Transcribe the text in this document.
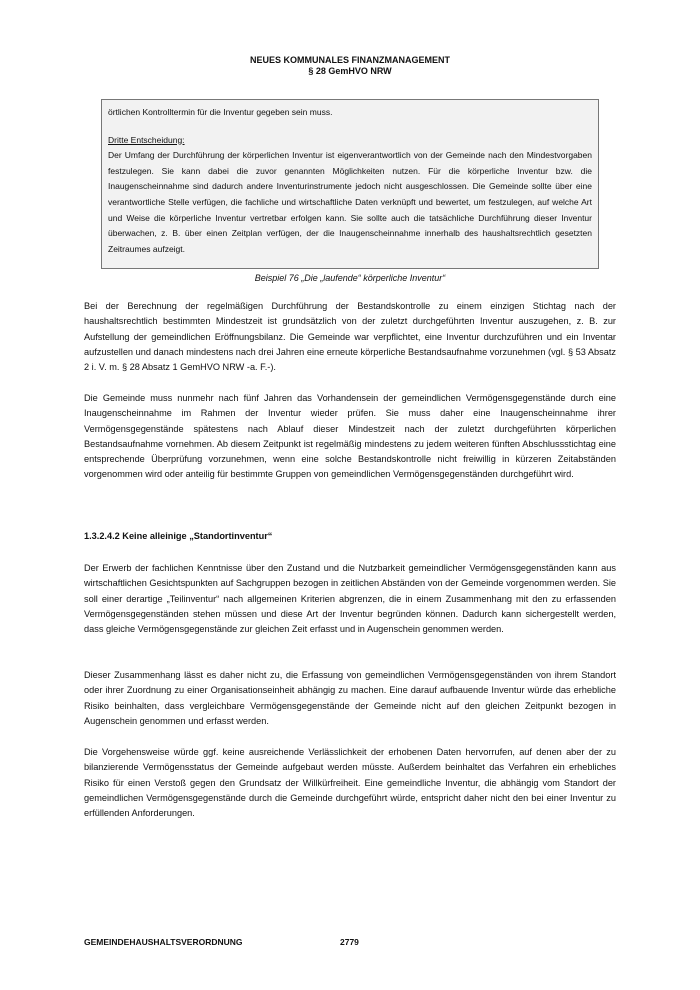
NEUES KOMMUNALES FINANZMANAGEMENT
§ 28 GemHVO NRW

örtlichen Kontrolltermin für die Inventur gegeben sein muss.

Dritte Entscheidung:

Der Umfang der Durchführung der körperlichen Inventur ist eigenverantwortlich von der Gemeinde nach den Mindestvorgaben festzulegen. Sie kann dabei die zuvor genannten Möglichkeiten nutzen. Für die körperliche Inventur bzw. die Inaugenscheinnahme sind dadurch andere Inventurinstrumente jedoch nicht ausgeschlossen. Die Gemeinde sollte über eine verantwortliche Stelle verfügen, die fachliche und wirtschaftliche Daten verknüpft und bewertet, um festzulegen, auf welche Art und Weise die körperliche Inventur vertretbar erfolgen kann. Sie sollte auch die tatsächliche Durchführung dieser Inventur überwachen, z. B. über einen Zeitplan verfügen, der die Inaugenscheinnahme innerhalb des haushaltsrechtlich gesetzten Zeitraumes aufzeigt.

Beispiel 76 „Die „laufende“ körperliche Inventur“

Bei der Berechnung der regelmäßigen Durchführung der Bestandskontrolle zu einem einzigen Stichtag nach der haushaltsrechtlich bestimmten Mindestzeit ist grundsätzlich von der zuletzt durchgeführten Inventur auszugehen, z. B. zur Aufstellung der gemeindlichen Eröffnungsbilanz. Die Gemeinde war verpflichtet, eine Inventur durchzuführen und ein Inventar aufzustellen und danach mindestens nach drei Jahren eine erneute körperliche Bestandsaufnahme vorzunehmen (vgl. § 53 Absatz 2 i. V. m. § 28 Absatz 1 GemHVO NRW -a. F.-).

Die Gemeinde muss nunmehr nach fünf Jahren das Vorhandensein der gemeindlichen Vermögensgegenstände durch eine Inaugenscheinnahme im Rahmen der Inventur wieder prüfen. Sie muss daher eine Inaugenscheinnahme ihrer Vermögensgegenstände spätestens nach Ablauf dieser Mindestzeit nach der zuletzt durchgeführten körperlichen Bestandsaufnahme vornehmen. Ab diesem Zeitpunkt ist regelmäßig mindestens zu jedem weiteren fünften Abschlussstichtag eine entsprechende Überprüfung vorzunehmen, wenn eine solche Bestandskontrolle nicht freiwillig in kürzeren Zeitabständen vorgenommen wird oder anteilig für bestimmte Gruppen von gemeindlichen Vermögensgegenständen durchgeführt wird.

1.3.2.4.2 Keine alleinige „Standortinventur“

Der Erwerb der fachlichen Kenntnisse über den Zustand und die Nutzbarkeit gemeindlicher Vermögensgegenständen kann aus wirtschaftlichen Gesichtspunkten auf Sachgruppen bezogen in zeitlichen Abständen von der Gemeinde vorgenommen werden. Sie soll einer derartige „Teilinventur“ nach allgemeinen Kriterien abgrenzen, die in einem Zusammenhang mit den zu erfassenden Vermögensgegenständen stehen müssen und diese Art der Inventur begründen können. Dadurch kann sichergestellt werden, dass gleiche Vermögensgegenstände zur gleichen Zeit erfasst und in Augenschein genommen werden.

Dieser Zusammenhang lässt es daher nicht zu, die Erfassung von gemeindlichen Vermögensgegenständen von ihrem Standort oder ihrer Zuordnung zu einer Organisationseinheit abhängig zu machen. Eine darauf aufbauende Inventur würde das erhebliche Risiko beinhalten, dass vergleichbare Vermögensgegenstände der Gemeinde nicht auf den gleichen Zeitpunkt bezogen in Augenschein genommen und erfasst werden.

Die Vorgehensweise würde ggf. keine ausreichende Verlässlichkeit der erhobenen Daten hervorrufen, auf denen aber der zu bilanzierende Vermögensstatus der Gemeinde aufgebaut werden müsste. Außerdem beinhaltet das Verfahren ein erhebliches Risiko für einen Verstoß gegen den Grundsatz der Willkürfreiheit. Eine gemeindliche Inventur, die abhängig vom Standort der gemeindlichen Vermögensgegenstände durch die Gemeinde durchgeführt würde, entspricht daher nicht den bei einer Inventur zu erfüllenden Anforderungen.

GEMEINDEHAUSHALTSVERORDNUNG	2779
